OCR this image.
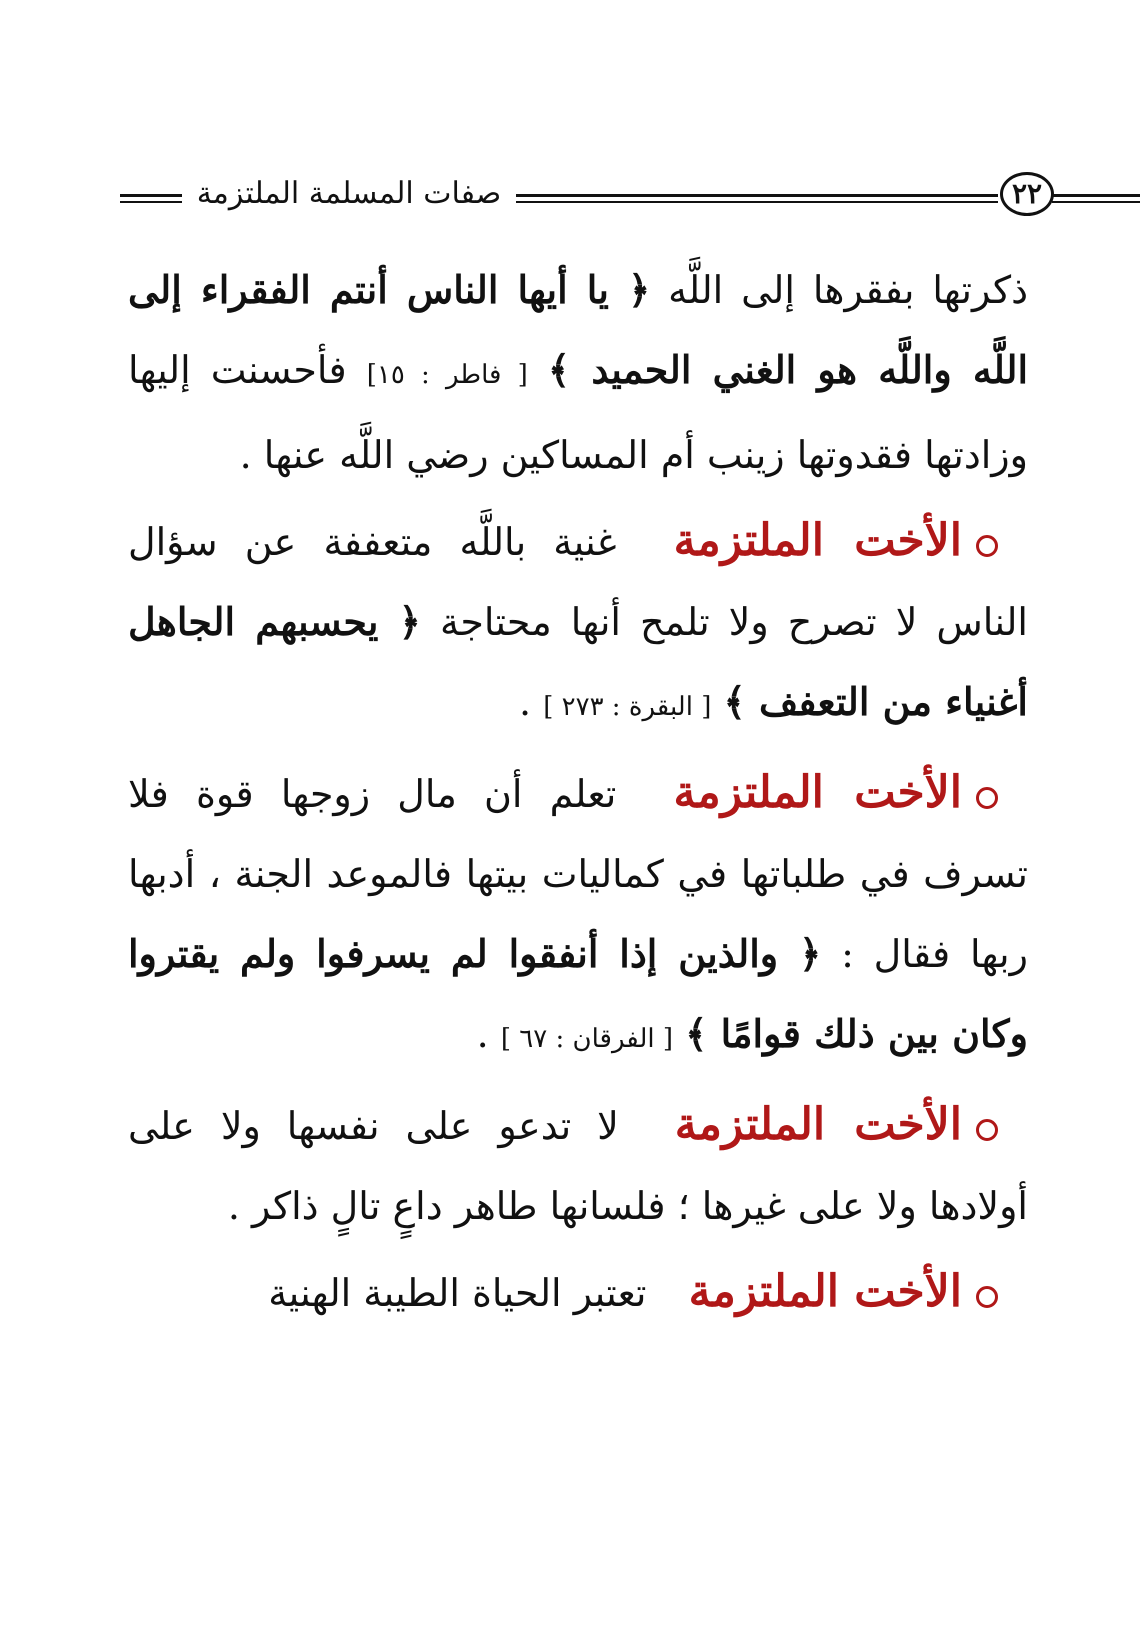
صفات المسلمة الملتزمة	٢٢

ذكرتها بفقرها إلى اللَّه ﴿ يا أيها الناس أنتم الفقراء إلى اللَّه واللَّه هو الغني الحميد ﴾ [ فاطر : ١٥] فأحسنت إليها وزادتها فقدوتها زينب أم المساكين رضي اللَّه عنها .

الأخت الملتزمة غنية باللَّه متعففة عن سؤال الناس لا تصرح ولا تلمح أنها محتاجة ﴿ يحسبهم الجاهل أغنياء من التعفف ﴾ [ البقرة : ٢٧٣ ] .

الأخت الملتزمة تعلم أن مال زوجها قوة فلا تسرف في طلباتها في كماليات بيتها فالموعد الجنة ، أدبها ربها فقال : ﴿ والذين إذا أنفقوا لم يسرفوا ولم يقتروا وكان بين ذلك قوامًا ﴾ [ الفرقان : ٦٧ ] .

الأخت الملتزمة لا تدعو على نفسها ولا على أولادها ولا على غيرها ؛ فلسانها طاهر داعٍ تالٍ ذاكر .

الأخت الملتزمة تعتبر الحياة الطيبة الهنية
